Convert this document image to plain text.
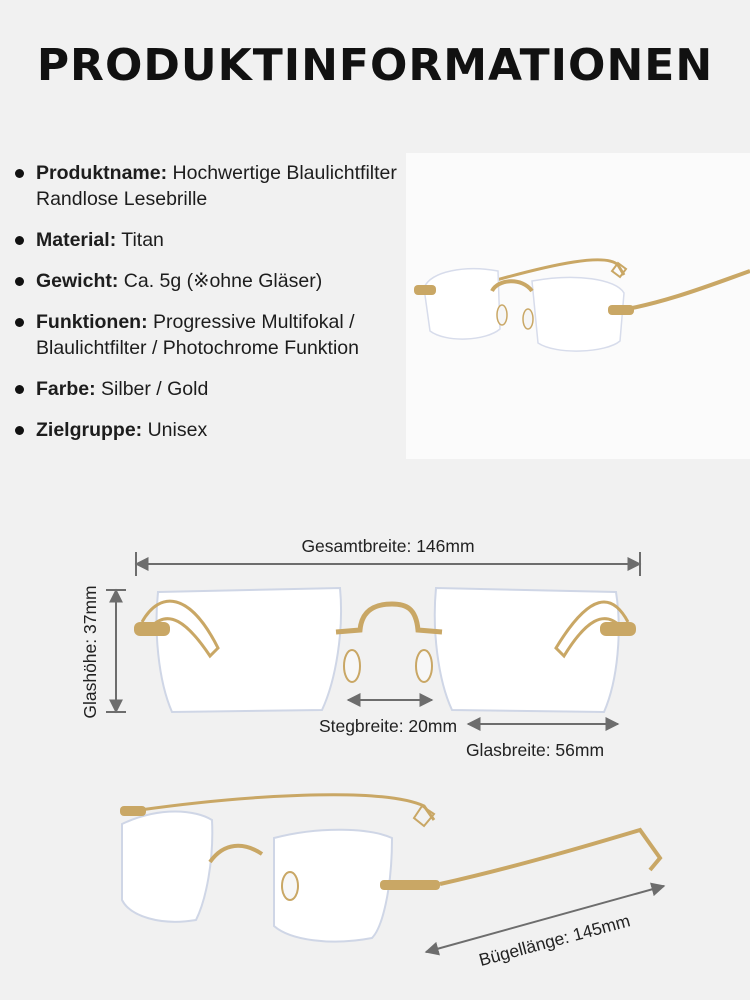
PRODUKTINFORMATIONEN
Produktname: Hochwertige Blaulichtfilter Randlose Lesebrille
Material: Titan
Gewicht: Ca. 5g (※ohne Gläser)
Funktionen: Progressive Multifokal / Blaulichtfilter / Photochrome Funktion
Farbe: Silber / Gold
Zielgruppe: Unisex
Gesamtbreite: 146mm
Glashöhe: 37mm
Stegbreite: 20mm
Glasbreite: 56mm
Bügellänge: 145mm
